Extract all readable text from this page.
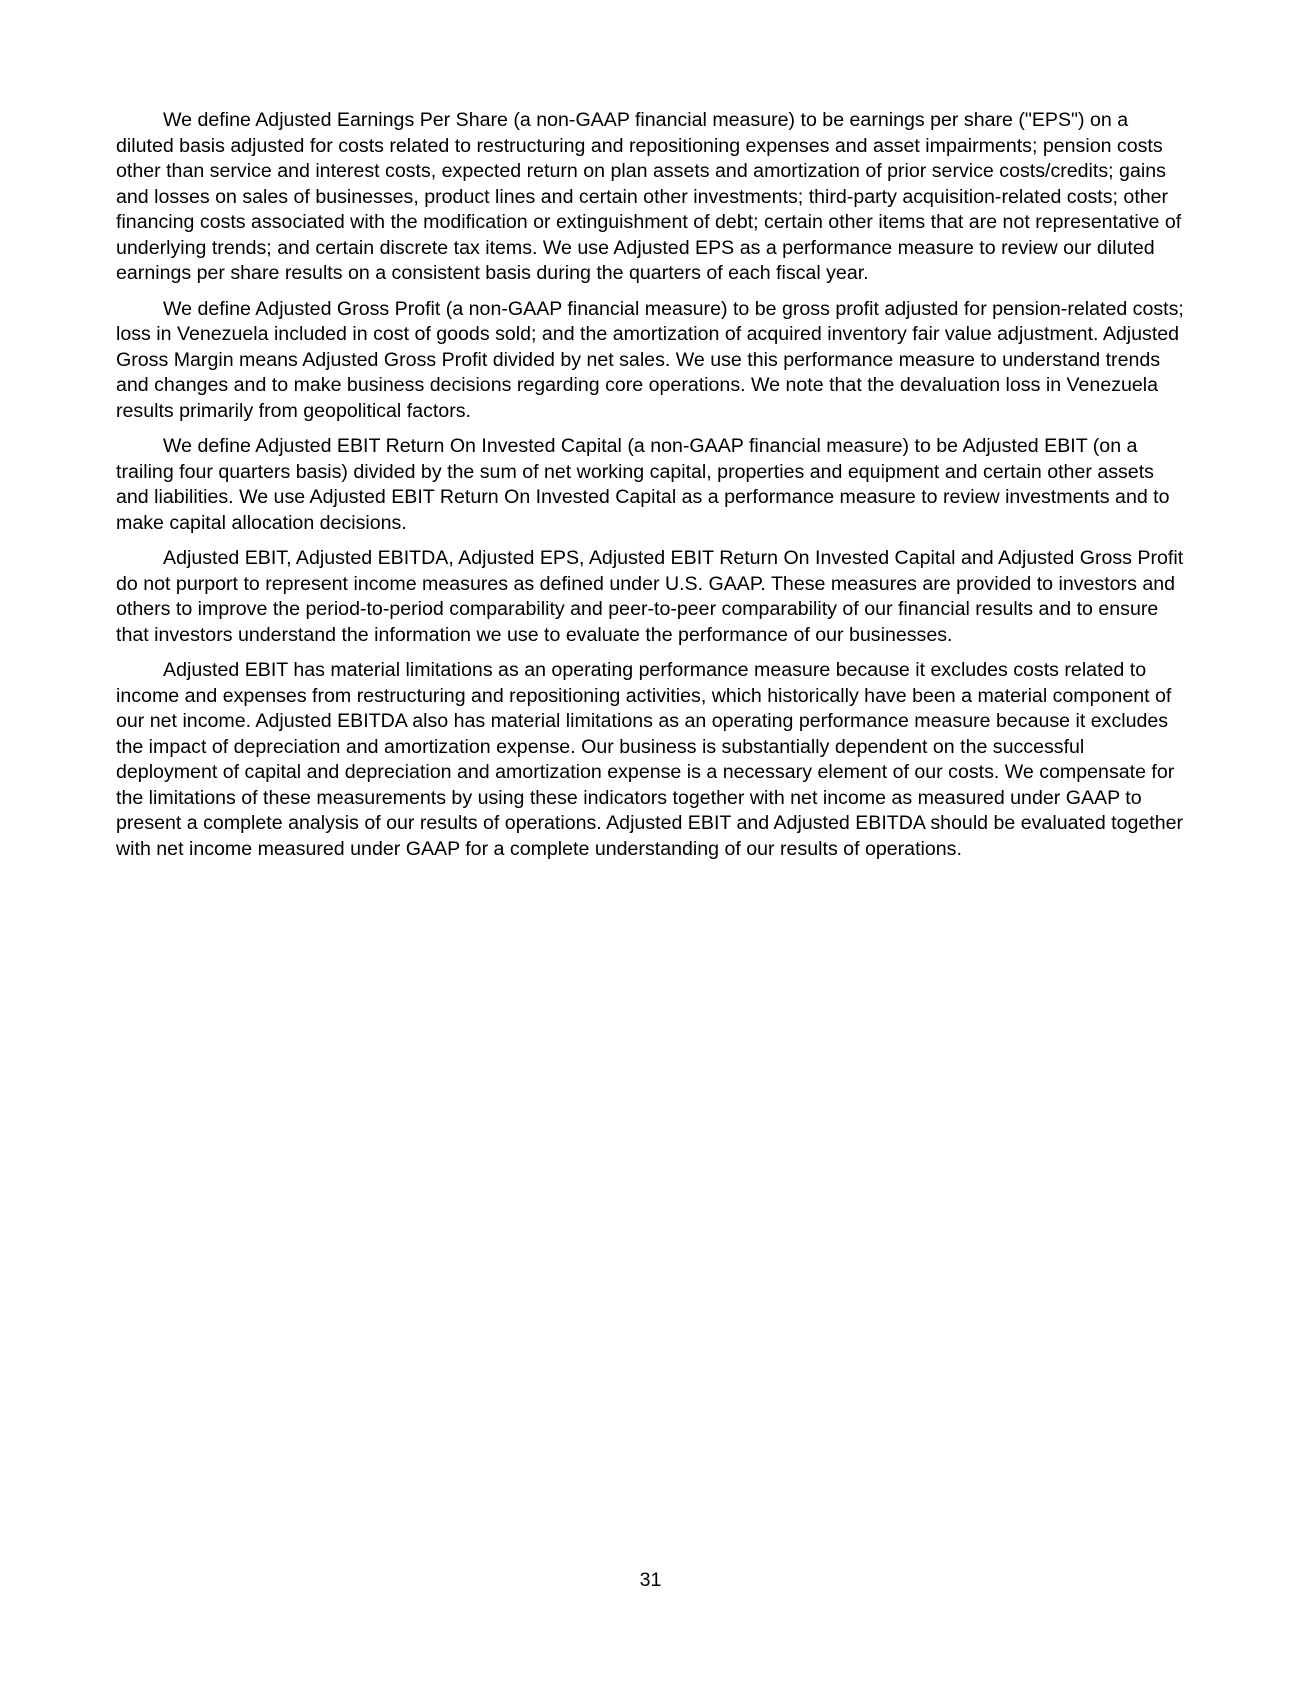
We define Adjusted Earnings Per Share (a non-GAAP financial measure) to be earnings per share ("EPS") on a diluted basis adjusted for costs related to restructuring and repositioning expenses and asset impairments; pension costs other than service and interest costs, expected return on plan assets and amortization of prior service costs/credits; gains and losses on sales of businesses, product lines and certain other investments; third-party acquisition-related costs; other financing costs associated with the modification or extinguishment of debt; certain other items that are not representative of underlying trends; and certain discrete tax items. We use Adjusted EPS as a performance measure to review our diluted earnings per share results on a consistent basis during the quarters of each fiscal year.

We define Adjusted Gross Profit (a non-GAAP financial measure) to be gross profit adjusted for pension-related costs; loss in Venezuela included in cost of goods sold; and the amortization of acquired inventory fair value adjustment. Adjusted Gross Margin means Adjusted Gross Profit divided by net sales. We use this performance measure to understand trends and changes and to make business decisions regarding core operations. We note that the devaluation loss in Venezuela results primarily from geopolitical factors.

We define Adjusted EBIT Return On Invested Capital (a non-GAAP financial measure) to be Adjusted EBIT (on a trailing four quarters basis) divided by the sum of net working capital, properties and equipment and certain other assets and liabilities. We use Adjusted EBIT Return On Invested Capital as a performance measure to review investments and to make capital allocation decisions.

Adjusted EBIT, Adjusted EBITDA, Adjusted EPS, Adjusted EBIT Return On Invested Capital and Adjusted Gross Profit do not purport to represent income measures as defined under U.S. GAAP. These measures are provided to investors and others to improve the period-to-period comparability and peer-to-peer comparability of our financial results and to ensure that investors understand the information we use to evaluate the performance of our businesses.

Adjusted EBIT has material limitations as an operating performance measure because it excludes costs related to income and expenses from restructuring and repositioning activities, which historically have been a material component of our net income. Adjusted EBITDA also has material limitations as an operating performance measure because it excludes the impact of depreciation and amortization expense. Our business is substantially dependent on the successful deployment of capital and depreciation and amortization expense is a necessary element of our costs. We compensate for the limitations of these measurements by using these indicators together with net income as measured under GAAP to present a complete analysis of our results of operations. Adjusted EBIT and Adjusted EBITDA should be evaluated together with net income measured under GAAP for a complete understanding of our results of operations.

31
